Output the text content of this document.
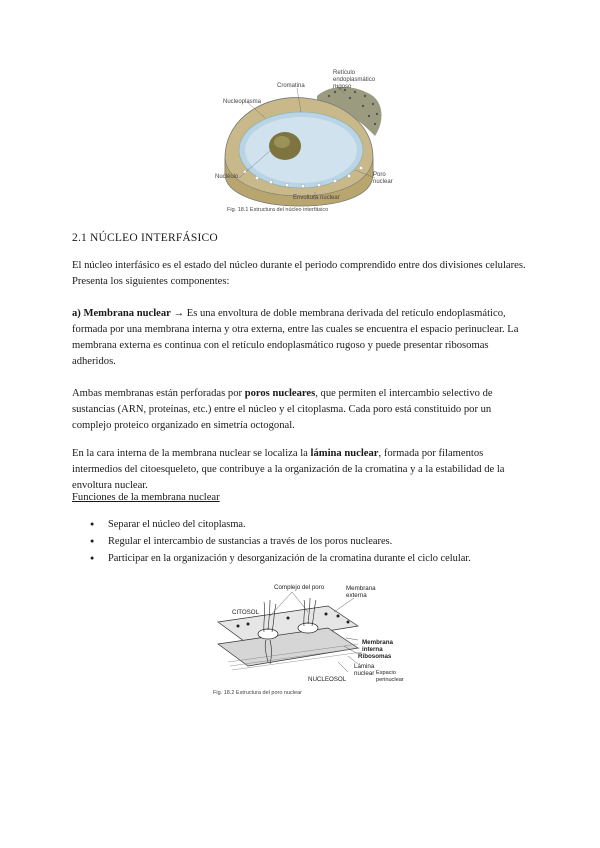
Cromatina
Retículo endoplasmático rugoso
Nucleoplasma
Nucléolo	Poro nuclear
Envoltura nuclear
Fig. 18.1 Estructura del núcleo interfásico
2.1 NÚCLEO INTERFÁSICO

El núcleo interfásico es el estado del núcleo durante el periodo comprendido entre dos divisiones celulares. Presenta los siguientes componentes:

a) Membrana nuclear → Es una envoltura de doble membrana derivada del retículo endoplasmático, formada por una membrana interna y otra externa, entre las cuales se encuentra el espacio perinuclear. La membrana externa es continua con el retículo endoplasmático rugoso y puede presentar ribosomas adheridos.

Ambas membranas están perforadas por poros nucleares, que permiten el intercambio selectivo de sustancias (ARN, proteínas, etc.) entre el núcleo y el citoplasma. Cada poro está constituido por un complejo proteico organizado en simetría octogonal.

En la cara interna de la membrana nuclear se localiza la lámina nuclear, formada por filamentos intermedios del citoesqueleto, que contribuye a la organización de la cromatina y a la estabilidad de la envoltura nuclear.

Funciones de la membrana nuclear
● Separar el núcleo del citoplasma.
● Regular el intercambio de sustancias a través de los poros nucleares.
● Participar en la organización y desorganización de la cromatina durante el ciclo celular.
CITOSOL
Complejo del poro	Membrana externa
Membrana interna
Ribosomas
Lámina nuclear Espacio perinuclear
NUCLEOSOL
Fig. 18.2 Estructura del poro nuclear
